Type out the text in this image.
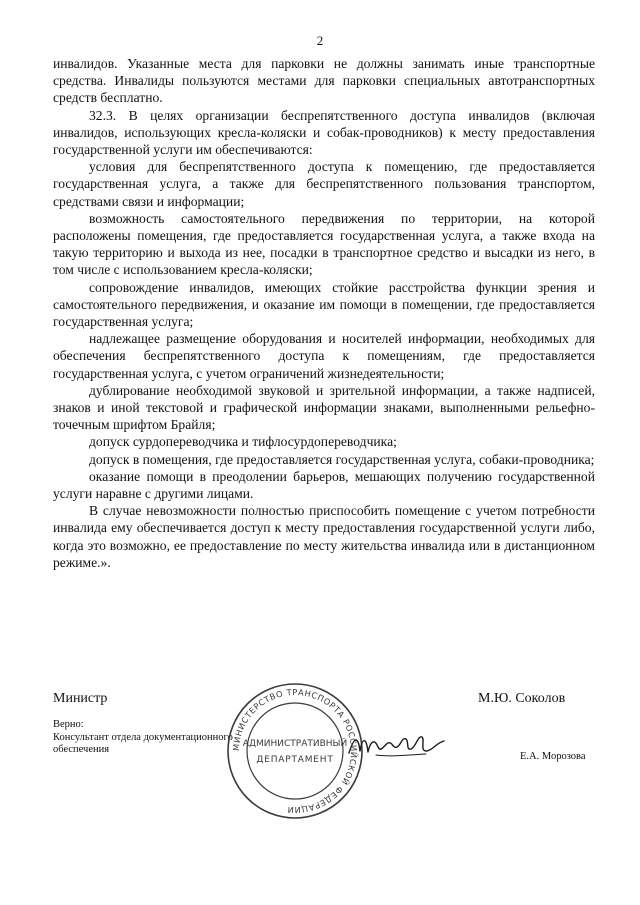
2

инвалидов. Указанные места для парковки не должны занимать иные транспортные средства. Инвалиды пользуются местами для парковки специальных автотранспортных средств бесплатно.

32.3. В целях организации беспрепятственного доступа инвалидов (включая инвалидов, использующих кресла-коляски и собак-проводников) к месту предоставления государственной услуги им обеспечиваются:

условия для беспрепятственного доступа к помещению, где предоставляется государственная услуга, а также для беспрепятственного пользования транспортом, средствами связи и информации;

возможность самостоятельного передвижения по территории, на которой расположены помещения, где предоставляется государственная услуга, а также входа на такую территорию и выхода из нее, посадки в транспортное средство и высадки из него, в том числе с использованием кресла-коляски;

сопровождение инвалидов, имеющих стойкие расстройства функции зрения и самостоятельного передвижения, и оказание им помощи в помещении, где предоставляется государственная услуга;

надлежащее размещение оборудования и носителей информации, необходимых для обеспечения беспрепятственного доступа к помещениям, где предоставляется государственная услуга, с учетом ограничений жизнедеятельности;

дублирование необходимой звуковой и зрительной информации, а также надписей, знаков и иной текстовой и графической информации знаками, выполненными рельефно-точечным шрифтом Брайля;

допуск сурдопереводчика и тифлосурдопереводчика;

допуск в помещения, где предоставляется государственная услуга, собаки-проводника;

оказание помощи в преодолении барьеров, мешающих получению государственной услуги наравне с другими лицами.

В случае невозможности полностью приспособить помещение с учетом потребности инвалида ему обеспечивается доступ к месту предоставления государственной услуги либо, когда это возможно, ее предоставление по месту жительства инвалида или в дистанционном режиме.».

Министр	М.Ю. Соколов
Верно:
Консультант отдела документационного
обеспечения
Е.А. Морозова
МИНИСТЕРСТВО ТРАНСПОРТА РОССИЙСКОЙ ФЕДЕРАЦИИ
АДМИНИСТРАТИВНЫЙ
ДЕПАРТАМЕНТ
